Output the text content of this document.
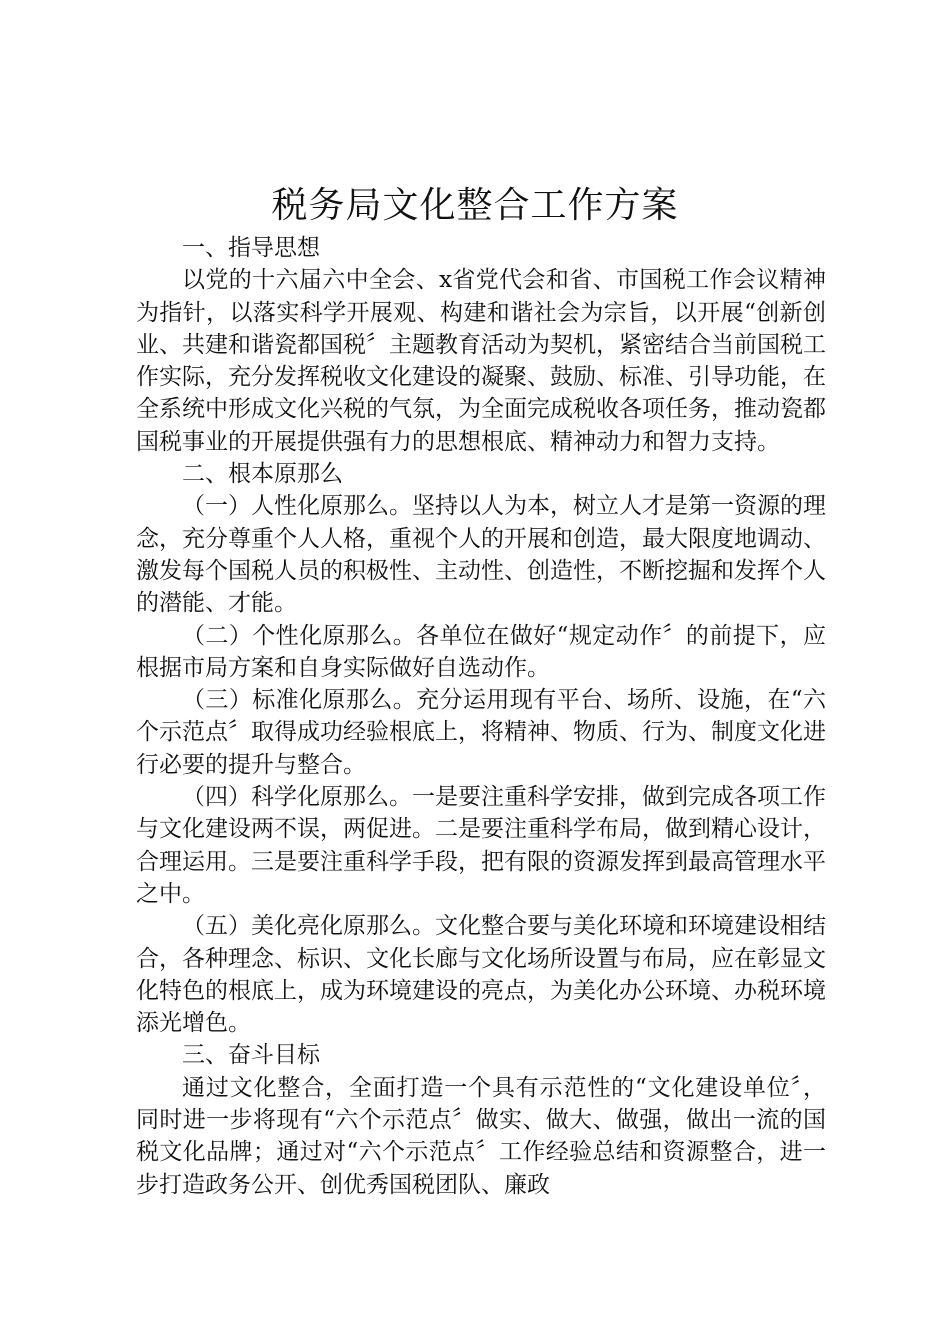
税务局文化整合工作方案

一、指导思想

以党的十六届六中全会、x省党代会和省、市国税工作会议精神为指针，以落实科学开展观、构建和谐社会为宗旨，以开展“创新创业、共建和谐瓷都国税〞主题教育活动为契机，紧密结合当前国税工作实际，充分发挥税收文化建设的凝聚、鼓励、标准、引导功能，在全系统中形成文化兴税的气氛，为全面完成税收各项任务，推动瓷都国税事业的开展提供强有力的思想根底、精神动力和智力支持。

二、根本原那么

（一）人性化原那么。坚持以人为本，树立人才是第一资源的理念，充分尊重个人人格，重视个人的开展和创造，最大限度地调动、激发每个国税人员的积极性、主动性、创造性，不断挖掘和发挥个人的潜能、才能。

（二）个性化原那么。各单位在做好“规定动作〞的前提下，应根据市局方案和自身实际做好自选动作。

（三）标准化原那么。充分运用现有平台、场所、设施，在“六个示范点〞取得成功经验根底上，将精神、物质、行为、制度文化进行必要的提升与整合。

（四）科学化原那么。一是要注重科学安排，做到完成各项工作与文化建设两不误，两促进。二是要注重科学布局，做到精心设计，合理运用。三是要注重科学手段，把有限的资源发挥到最高管理水平之中。

（五）美化亮化原那么。文化整合要与美化环境和环境建设相结合，各种理念、标识、文化长廊与文化场所设置与布局，应在彰显文化特色的根底上，成为环境建设的亮点，为美化办公环境、办税环境添光增色。

三、奋斗目标

通过文化整合，全面打造一个具有示范性的“文化建设单位〞，同时进一步将现有“六个示范点〞做实、做大、做强，做出一流的国税文化品牌；通过对“六个示范点〞工作经验总结和资源整合，进一步打造政务公开、创优秀国税团队、廉政
